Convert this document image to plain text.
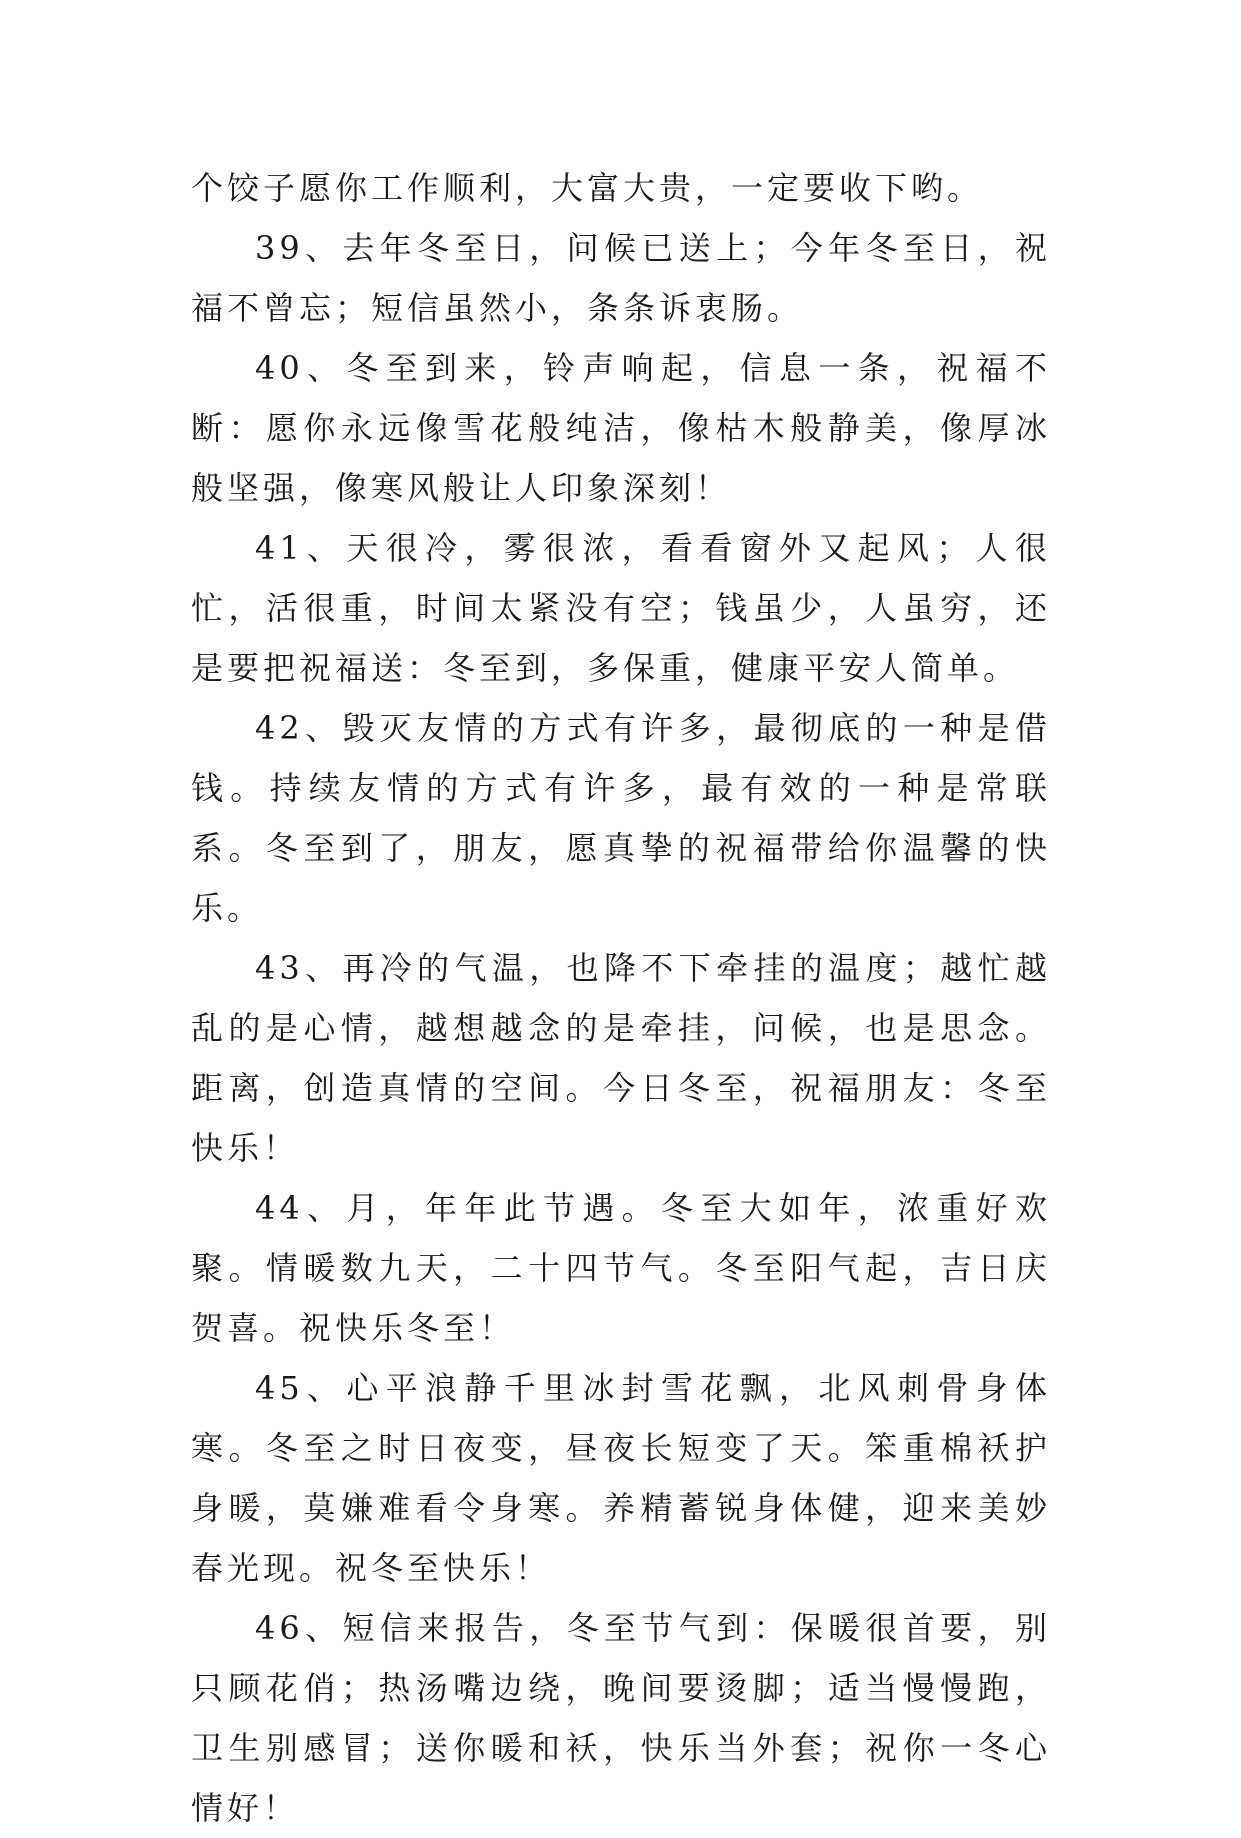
个饺子愿你工作顺利，大富大贵，一定要收下哟。

39、去年冬至日，问候已送上；今年冬至日，祝福不曾忘；短信虽然小，条条诉衷肠。

40、冬至到来，铃声响起，信息一条，祝福不断：愿你永远像雪花般纯洁，像枯木般静美，像厚冰般坚强，像寒风般让人印象深刻！

41、天很冷，雾很浓，看看窗外又起风；人很忙，活很重，时间太紧没有空；钱虽少，人虽穷，还是要把祝福送：冬至到，多保重，健康平安人简单。

42、毁灭友情的方式有许多，最彻底的一种是借钱。持续友情的方式有许多，最有效的一种是常联系。冬至到了，朋友，愿真挚的祝福带给你温馨的快乐。

43、再冷的气温，也降不下牵挂的温度；越忙越乱的是心情，越想越念的是牵挂，问候，也是思念。距离，创造真情的空间。今日冬至，祝福朋友：冬至快乐！

44、月，年年此节遇。冬至大如年，浓重好欢聚。情暖数九天，二十四节气。冬至阳气起，吉日庆贺喜。祝快乐冬至！

45、心平浪静千里冰封雪花飘，北风刺骨身体寒。冬至之时日夜变，昼夜长短变了天。笨重棉袄护身暖，莫嫌难看令身寒。养精蓄锐身体健，迎来美妙春光现。祝冬至快乐！

46、短信来报告，冬至节气到：保暖很首要，别只顾花俏；热汤嘴边绕，晚间要烫脚；适当慢慢跑，卫生别感冒；送你暖和袄，快乐当外套；祝你一冬心情好！
